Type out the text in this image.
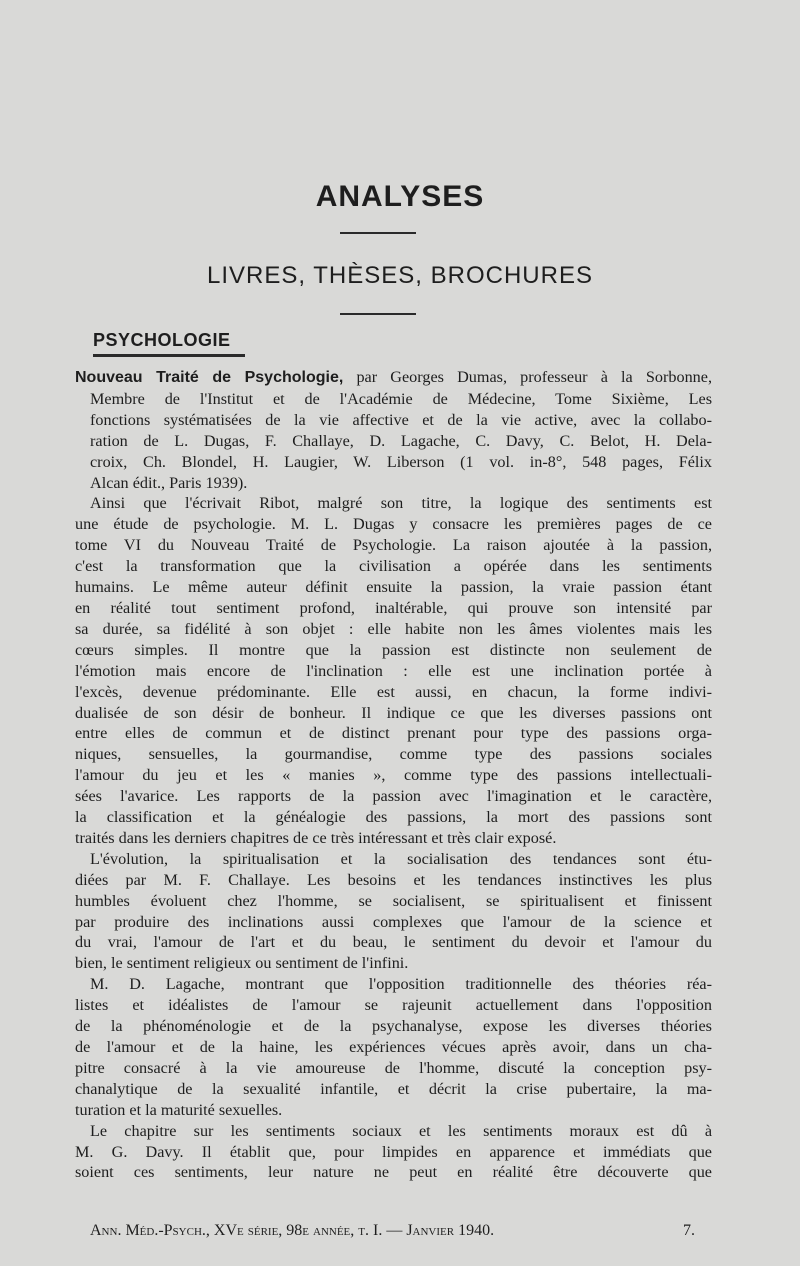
ANALYSES
LIVRES, THÈSES, BROCHURES
PSYCHOLOGIE

Nouveau Traité de Psychologie, par Georges Dumas, professeur à la Sorbonne,

Membre de l'Institut et de l'Académie de Médecine, Tome Sixième, Les

fonctions systématisées de la vie affective et de la vie active, avec la collabo-

ration de L. Dugas, F. Challaye, D. Lagache, C. Davy, C. Belot, H. Dela-

croix, Ch. Blondel, H. Laugier, W. Liberson (1 vol. in-8°, 548 pages, Félix

Alcan édit., Paris 1939).

Ainsi que l'écrivait Ribot, malgré son titre, la logique des sentiments est

une étude de psychologie. M. L. Dugas y consacre les premières pages de ce

tome VI du Nouveau Traité de Psychologie. La raison ajoutée à la passion,

c'est la transformation que la civilisation a opérée dans les sentiments

humains. Le même auteur définit ensuite la passion, la vraie passion étant

en réalité tout sentiment profond, inaltérable, qui prouve son intensité par

sa durée, sa fidélité à son objet : elle habite non les âmes violentes mais les

cœurs simples. Il montre que la passion est distincte non seulement de

l'émotion mais encore de l'inclination : elle est une inclination portée à

l'excès, devenue prédominante. Elle est aussi, en chacun, la forme indivi-

dualisée de son désir de bonheur. Il indique ce que les diverses passions ont

entre elles de commun et de distinct prenant pour type des passions orga-

niques, sensuelles, la gourmandise, comme type des passions sociales

l'amour du jeu et les « manies », comme type des passions intellectuali-

sées l'avarice. Les rapports de la passion avec l'imagination et le caractère,

la classification et la généalogie des passions, la mort des passions sont

traités dans les derniers chapitres de ce très intéressant et très clair exposé.

L'évolution, la spiritualisation et la socialisation des tendances sont étu-

diées par M. F. Challaye. Les besoins et les tendances instinctives les plus

humbles évoluent chez l'homme, se socialisent, se spiritualisent et finissent

par produire des inclinations aussi complexes que l'amour de la science et

du vrai, l'amour de l'art et du beau, le sentiment du devoir et l'amour du

bien, le sentiment religieux ou sentiment de l'infini.

M. D. Lagache, montrant que l'opposition traditionnelle des théories réa-

listes et idéalistes de l'amour se rajeunit actuellement dans l'opposition

de la phénoménologie et de la psychanalyse, expose les diverses théories

de l'amour et de la haine, les expériences vécues après avoir, dans un cha-

pitre consacré à la vie amoureuse de l'homme, discuté la conception psy-

chanalytique de la sexualité infantile, et décrit la crise pubertaire, la ma-

turation et la maturité sexuelles.

Le chapitre sur les sentiments sociaux et les sentiments moraux est dû à

M. G. Davy. Il établit que, pour limpides en apparence et immédiats que

soient ces sentiments, leur nature ne peut en réalité être découverte que

Ann. Méd.-Psych., XVe série, 98e année, t. I. — Janvier 1940.	7.
